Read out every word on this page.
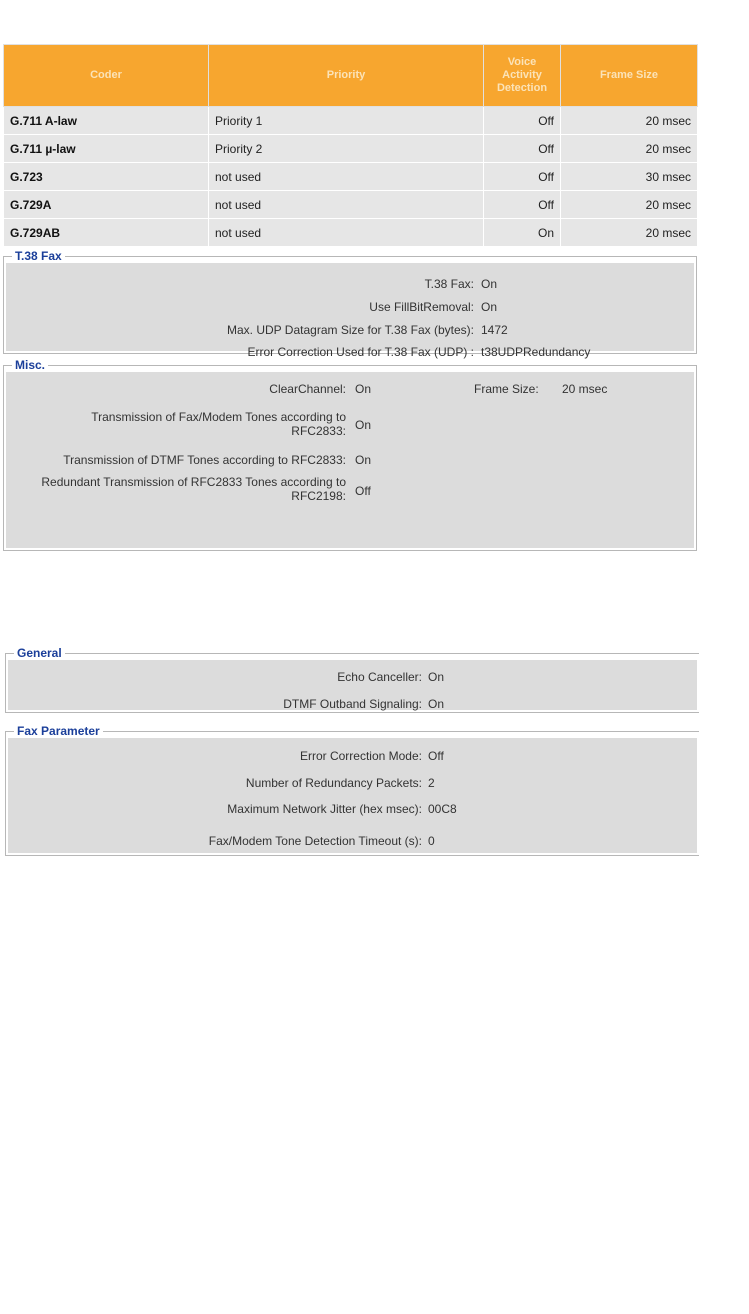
Coder	Priority	Voice Activity Detection	Frame Size
G.711 A-law	Priority 1	Off	20 msec
G.711 µ-law	Priority 2	Off	20 msec
G.723	not used	Off	30 msec
G.729A	not used	Off	20 msec
G.729AB	not used	On	20 msec
T.38 Fax
T.38 Fax: On
Use FillBitRemoval: On
Max. UDP Datagram Size for T.38 Fax (bytes): 1472
Error Correction Used for T.38 Fax (UDP) : t38UDPRedundancy
Misc.
ClearChannel: On	Frame Size: 20 msec
Transmission of Fax/Modem Tones according to RFC2833: On
Transmission of DTMF Tones according to RFC2833: On
Redundant Transmission of RFC2833 Tones according to RFC2198: Off
General
Echo Canceller: On
DTMF Outband Signaling: On
Fax Parameter
Error Correction Mode: Off
Number of Redundancy Packets: 2
Maximum Network Jitter (hex msec): 00C8
Fax/Modem Tone Detection Timeout (s): 0
